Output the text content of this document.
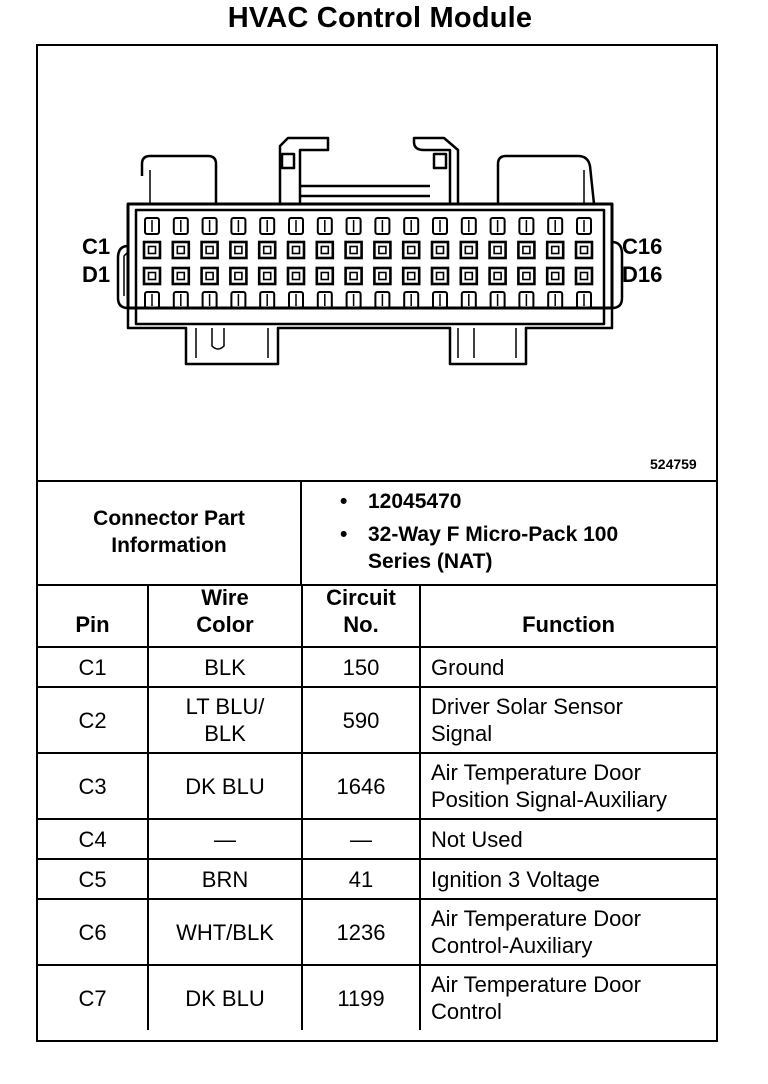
HVAC Control Module
C1
D1
C16
D16
524759
Connector Part Information
• 12045470
• 32-Way F Micro-Pack 100 Series (NAT)
Pin	Wire Color	Circuit No.	Function
C1	BLK	150	Ground
C2	LT BLU/ BLK	590	Driver Solar Sensor Signal
C3	DK BLU	1646	Air Temperature Door Position Signal-Auxiliary
C4	—	—	Not Used
C5	BRN	41	Ignition 3 Voltage
C6	WHT/BLK	1236	Air Temperature Door Control-Auxiliary
C7	DK BLU	1199	Air Temperature Door Control
